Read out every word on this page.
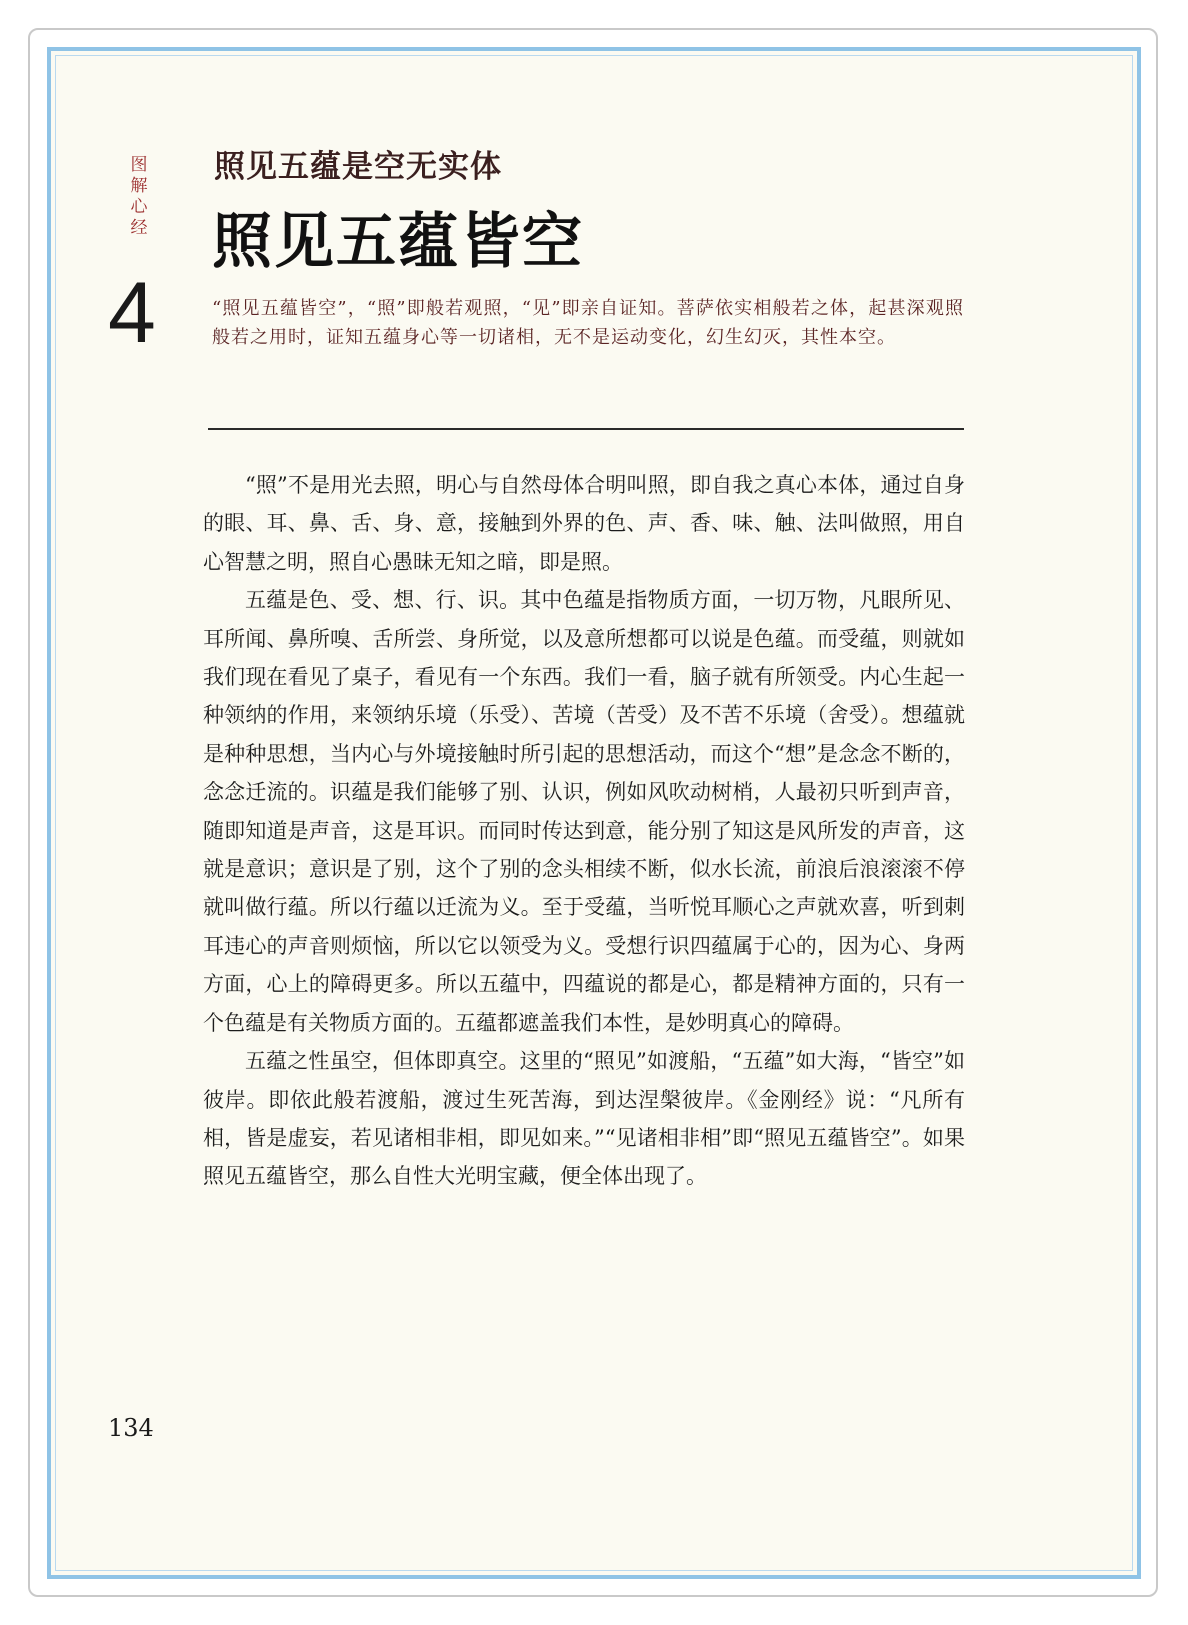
图解心经
4
照见五蕴是空无实体
照见五蕴皆空
“照见五蕴皆空”，“照”即般若观照，“见”即亲自证知。菩萨依实相般若之体，起甚深观照般若之用时，证知五蕴身心等一切诸相，无不是运动变化，幻生幻灭，其性本空。

“照”不是用光去照，明心与自然母体合明叫照，即自我之真心本体，通过自身的眼、耳、鼻、舌、身、意，接触到外界的色、声、香、味、触、法叫做照，用自心智慧之明，照自心愚昧无知之暗，即是照。

五蕴是色、受、想、行、识。其中色蕴是指物质方面，一切万物，凡眼所见、耳所闻、鼻所嗅、舌所尝、身所觉，以及意所想都可以说是色蕴。而受蕴，则就如我们现在看见了桌子，看见有一个东西。我们一看，脑子就有所领受。内心生起一种领纳的作用，来领纳乐境（乐受）、苦境（苦受）及不苦不乐境（舍受）。想蕴就是种种思想，当内心与外境接触时所引起的思想活动，而这个“想”是念念不断的，念念迁流的。识蕴是我们能够了别、认识，例如风吹动树梢，人最初只听到声音，随即知道是声音，这是耳识。而同时传达到意，能分别了知这是风所发的声音，这就是意识；意识是了别，这个了别的念头相续不断，似水长流，前浪后浪滚滚不停就叫做行蕴。所以行蕴以迁流为义。至于受蕴，当听悦耳顺心之声就欢喜，听到刺耳违心的声音则烦恼，所以它以领受为义。受想行识四蕴属于心的，因为心、身两方面，心上的障碍更多。所以五蕴中，四蕴说的都是心，都是精神方面的，只有一个色蕴是有关物质方面的。五蕴都遮盖我们本性，是妙明真心的障碍。

五蕴之性虽空，但体即真空。这里的“照见”如渡船，“五蕴”如大海，“皆空”如彼岸。即依此般若渡船，渡过生死苦海，到达涅槃彼岸。《金刚经》说：“凡所有相，皆是虚妄，若见诸相非相，即见如来。”“见诸相非相”即“照见五蕴皆空”。如果照见五蕴皆空，那么自性大光明宝藏，便全体出现了。

134
